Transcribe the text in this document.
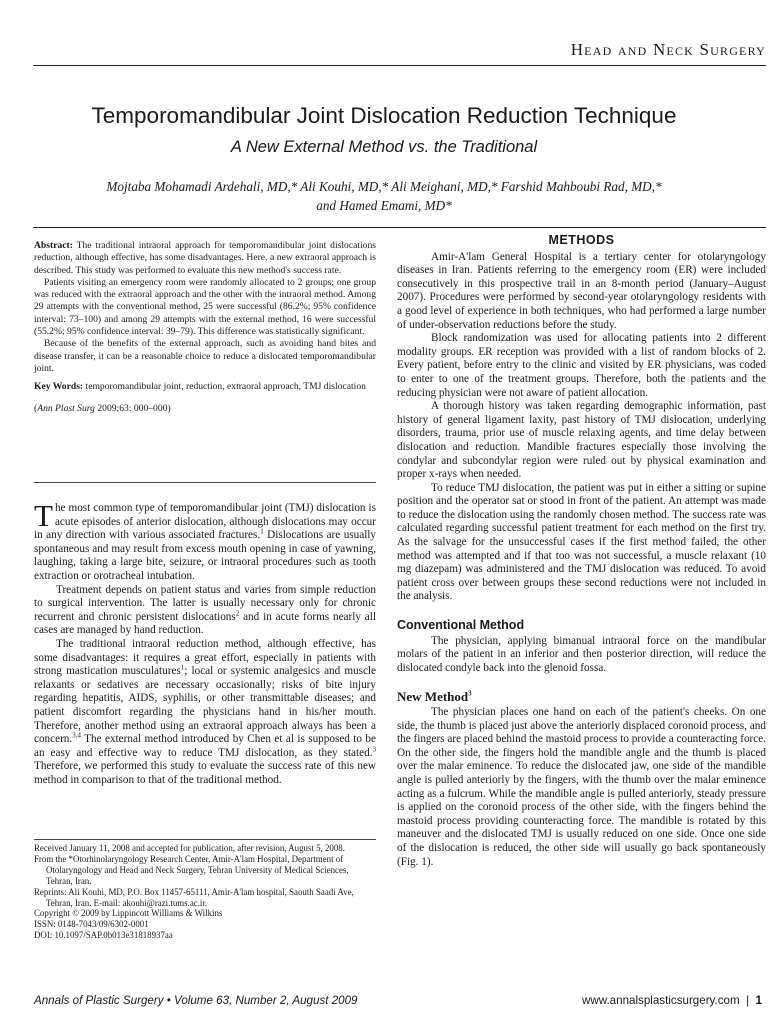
Head and Neck Surgery
Temporomandibular Joint Dislocation Reduction Technique
A New External Method vs. the Traditional
Mojtaba Mohamadi Ardehali, MD,* Ali Kouhi, MD,* Ali Meighani, MD,* Farshid Mahboubi Rad, MD,*
and Hamed Emami, MD*

Abstract: The traditional intraoral approach for temporomandibular joint dislocations reduction, although effective, has some disadvantages. Here, a new extraoral approach is described. This study was performed to evaluate this new method's success rate.

Patients visiting an emergency room were randomly allocated to 2 groups; one group was reduced with the extraoral approach and the other with the intraoral method. Among 29 attempts with the conventional method, 25 were successful (86.2%; 95% confidence interval: 73–100) and among 29 attempts with the external method, 16 were successful (55.2%; 95% confidence interval: 39–79). This difference was statistically significant.

Because of the benefits of the external approach, such as avoiding hand bites and disease transfer, it can be a reasonable choice to reduce a dislocated temporomandibular joint.

Key Words: temporomandibular joint, reduction, extraoral approach, TMJ dislocation

(Ann Plast Surg 2009;63: 000–000)

The most common type of temporomandibular joint (TMJ) dislocation is acute episodes of anterior dislocation, although dislocations may occur in any direction with various associated fractures.$^1$ Dislocations are usually spontaneous and may result from excess mouth opening in case of yawning, laughing, taking a large bite, seizure, or intraoral procedures such as tooth extraction or orotracheal intubation.

Treatment depends on patient status and varies from simple reduction to surgical intervention. The latter is usually necessary only for chronic recurrent and chronic persistent dislocations$^2$ and in acute forms nearly all cases are managed by hand reduction.

The traditional intraoral reduction method, although effective, has some disadvantages: it requires a great effort, especially in patients with strong mastication musculatures$^1$; local or systemic analgesics and muscle relaxants or sedatives are necessary occasionally; risks of bite injury regarding hepatitis, AIDS, syphilis, or other transmittable diseases; and patient discomfort regarding the physicians hand in his/her mouth. Therefore, another method using an extraoral approach always has been a concern.$^{3,4}$ The external method introduced by Chen et al is supposed to be an easy and effective way to reduce TMJ dislocation, as they stated.$^3$ Therefore, we performed this study to evaluate the success rate of this new method in comparison to that of the traditional method.

Received January 11, 2008 and accepted for publication, after revision, August 5, 2008.

From the *Otorhinolaryngology Research Center, Amir-A'lam Hospital, Department of Otolaryngology and Head and Neck Surgery, Tehran University of Medical Sciences, Tehran, Iran.

Reprints: Ali Kouhi, MD, P.O. Box 11457-65111, Amir-A'lam hospital, Saouth Saadi Ave, Tehran, Iran. E-mail: akouhi@razi.tums.ac.ir.

Copyright © 2009 by Lippincott Williams & Wilkins

ISSN: 0148-7043/09/6302-0001

DOI: 10.1097/SAP.0b013e31818937aa

METHODS

Amir-A'lam General Hospital is a tertiary center for otolaryngology diseases in Iran. Patients referring to the emergency room (ER) were included consecutively in this prospective trail in an 8-month period (January–August 2007). Procedures were performed by second-year otolaryngology residents with a good level of experience in both techniques, who had performed a large number of under-observation reductions before the study.

Block randomization was used for allocating patients into 2 different modality groups. ER reception was provided with a list of random blocks of 2. Every patient, before entry to the clinic and visited by ER physicians, was coded to enter to one of the treatment groups. Therefore, both the patients and the reducing physician were not aware of patient allocation.

A thorough history was taken regarding demographic information, past history of general ligament laxity, past history of TMJ dislocation, underlying disorders, trauma, prior use of muscle relaxing agents, and time delay between dislocation and reduction. Mandible fractures especially those involving the condylar and subcondylar region were ruled out by physical examination and proper x-rays when needed.

To reduce TMJ dislocation, the patient was put in either a sitting or supine position and the operator sat or stood in front of the patient. An attempt was made to reduce the dislocation using the randomly chosen method. The success rate was calculated regarding successful patient treatment for each method on the first try. As the salvage for the unsuccessful cases if the first method failed, the other method was attempted and if that too was not successful, a muscle relaxant (10 mg diazepam) was administered and the TMJ dislocation was reduced. To avoid patient cross over between groups these second reductions were not included in the analysis.

Conventional Method

The physician, applying bimanual intraoral force on the mandibular molars of the patient in an inferior and then posterior direction, will reduce the dislocated condyle back into the glenoid fossa.

New Method$^3$

The physician places one hand on each of the patient's cheeks. On one side, the thumb is placed just above the anteriorly displaced coronoid process, and the fingers are placed behind the mastoid process to provide a counteracting force. On the other side, the fingers hold the mandible angle and the thumb is placed over the malar eminence. To reduce the dislocated jaw, one side of the mandible angle is pulled anteriorly by the fingers, with the thumb over the malar eminence acting as a fulcrum. While the mandible angle is pulled anteriorly, steady pressure is applied on the coronoid process of the other side, with the fingers behind the mastoid process providing counteracting force. The mandible is rotated by this maneuver and the dislocated TMJ is usually reduced on one side. Once one side of the dislocation is reduced, the other side will usually go back spontaneously (Fig. 1).

Annals of Plastic Surgery • Volume 63, Number 2, August 2009	www.annalsplasticsurgery.com | 1
